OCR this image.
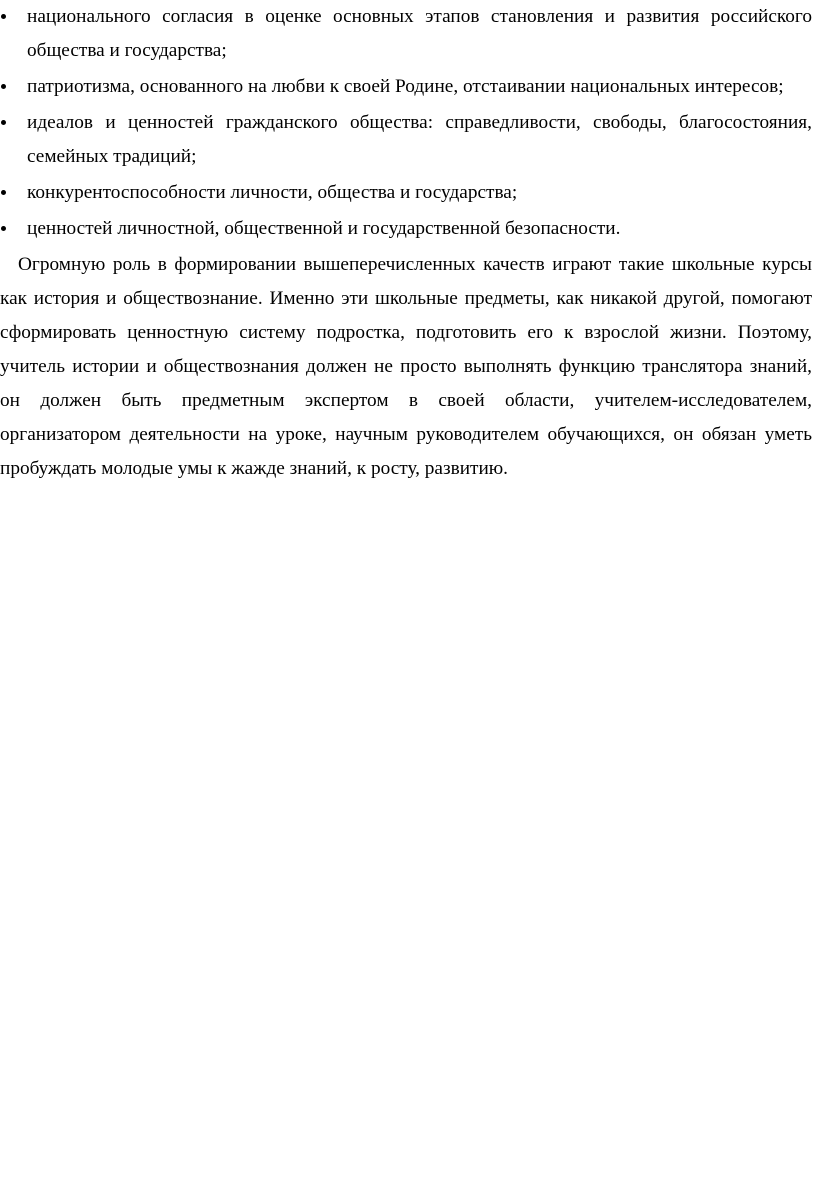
национального согласия в оценке основных этапов становления и развития российского общества и государства;
патриотизма, основанного на любви к своей Родине, отстаивании национальных интересов;
идеалов и ценностей гражданского общества: справедливости, свободы, благосостояния, семейных традиций;
конкурентоспособности личности, общества и государства;
ценностей личностной, общественной и государственной безопасности.

Огромную роль в формировании вышеперечисленных качеств играют такие школьные курсы как история и обществознание. Именно эти школьные предметы, как никакой другой, помогают сформировать ценностную систему подростка, подготовить его к взрослой жизни. Поэтому, учитель истории и обществознания должен не просто выполнять функцию транслятора знаний, он должен быть предметным экспертом в своей области, учителем-исследователем, организатором деятельности на уроке, научным руководителем обучающихся, он обязан уметь пробуждать молодые умы к жажде знаний, к росту, развитию.
